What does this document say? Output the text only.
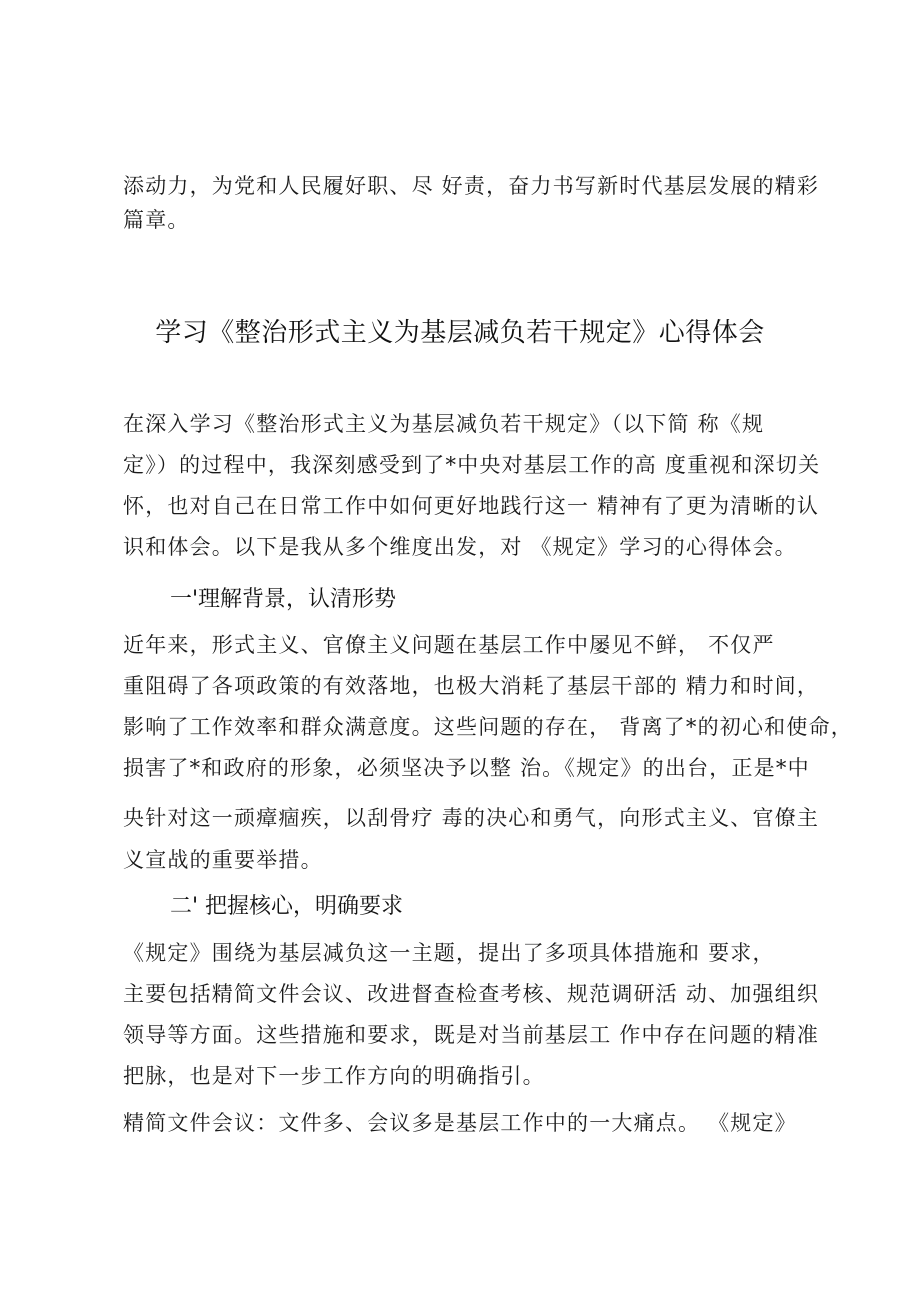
添动力，为党和人民履好职、尽 好责，奋力书写新时代基层发展的精彩
篇章。
学习《整治形式主义为基层减负若干规定》心得体会
在深入学习《整治形式主义为基层减负若干规定》（以下简 称《规
定》）的过程中，我深刻感受到了*中央对基层工作的高 度重视和深切关
怀，也对自己在日常工作中如何更好地践行这一 精神有了更为清晰的认
识和体会。以下是我从多个维度出发，对 《规定》学习的心得体会。
一'理解背景，认清形势
近年来，形式主义、官僚主义问题在基层工作中屡见不鲜， 不仅严
重阻碍了各项政策的有效落地，也极大消耗了基层干部的 精力和时间，
影响了工作效率和群众满意度。这些问题的存在， 背离了*的初心和使命，
损害了*和政府的形象，必须坚决予以整 治。《规定》的出台，正是*中
央针对这一顽瘴痼疾，以刮骨疗 毒的决心和勇气，向形式主义、官僚主
义宣战的重要举措。
二' 把握核心，明确要求
《规定》围绕为基层减负这一主题，提出了多项具体措施和 要求，
主要包括精简文件会议、改进督查检查考核、规范调研活 动、加强组织
领导等方面。这些措施和要求，既是对当前基层工 作中存在问题的精准
把脉，也是对下一步工作方向的明确指引。
精简文件会议：文件多、会议多是基层工作中的一大痛点。 《规定》
